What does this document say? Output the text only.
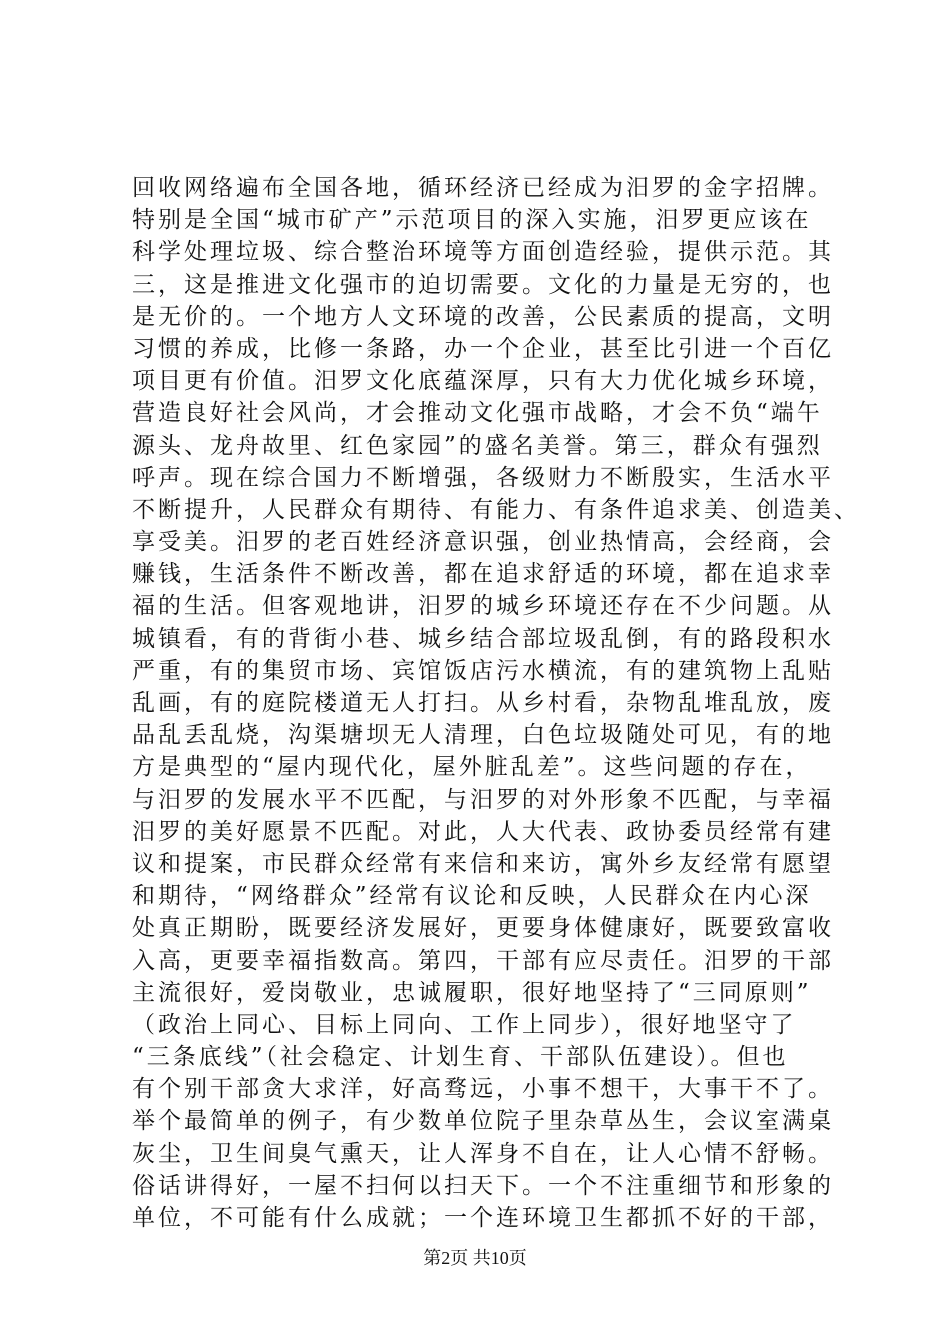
回收网络遍布全国各地，循环经济已经成为汨罗的金字招牌。
特别是全国“城市矿产”示范项目的深入实施，汨罗更应该在
科学处理垃圾、综合整治环境等方面创造经验，提供示范。其
三，这是推进文化强市的迫切需要。文化的力量是无穷的，也
是无价的。一个地方人文环境的改善，公民素质的提高，文明
习惯的养成，比修一条路，办一个企业，甚至比引进一个百亿
项目更有价值。汨罗文化底蕴深厚，只有大力优化城乡环境，
营造良好社会风尚，才会推动文化强市战略，才会不负“端午
源头、龙舟故里、红色家园”的盛名美誉。第三，群众有强烈
呼声。现在综合国力不断增强，各级财力不断殷实，生活水平
不断提升，人民群众有期待、有能力、有条件追求美、创造美、
享受美。汨罗的老百姓经济意识强，创业热情高，会经商，会
赚钱，生活条件不断改善，都在追求舒适的环境，都在追求幸
福的生活。但客观地讲，汨罗的城乡环境还存在不少问题。从
城镇看，有的背街小巷、城乡结合部垃圾乱倒，有的路段积水
严重，有的集贸市场、宾馆饭店污水横流，有的建筑物上乱贴
乱画，有的庭院楼道无人打扫。从乡村看，杂物乱堆乱放，废
品乱丢乱烧，沟渠塘坝无人清理，白色垃圾随处可见，有的地
方是典型的“屋内现代化，屋外脏乱差”。这些问题的存在，
与汨罗的发展水平不匹配，与汨罗的对外形象不匹配，与幸福
汨罗的美好愿景不匹配。对此，人大代表、政协委员经常有建
议和提案，市民群众经常有来信和来访，寓外乡友经常有愿望
和期待，“网络群众”经常有议论和反映，人民群众在内心深
处真正期盼，既要经济发展好，更要身体健康好，既要致富收
入高，更要幸福指数高。第四，干部有应尽责任。汨罗的干部
主流很好，爱岗敬业，忠诚履职，很好地坚持了“三同原则”
（政治上同心、目标上同向、工作上同步），很好地坚守了
“三条底线”（社会稳定、计划生育、干部队伍建设）。但也
有个别干部贪大求洋，好高骛远，小事不想干，大事干不了。
举个最简单的例子，有少数单位院子里杂草丛生，会议室满桌
灰尘，卫生间臭气熏天，让人浑身不自在，让人心情不舒畅。
俗话讲得好，一屋不扫何以扫天下。一个不注重细节和形象的
单位，不可能有什么成就；一个连环境卫生都抓不好的干部，
第2页 共10页
